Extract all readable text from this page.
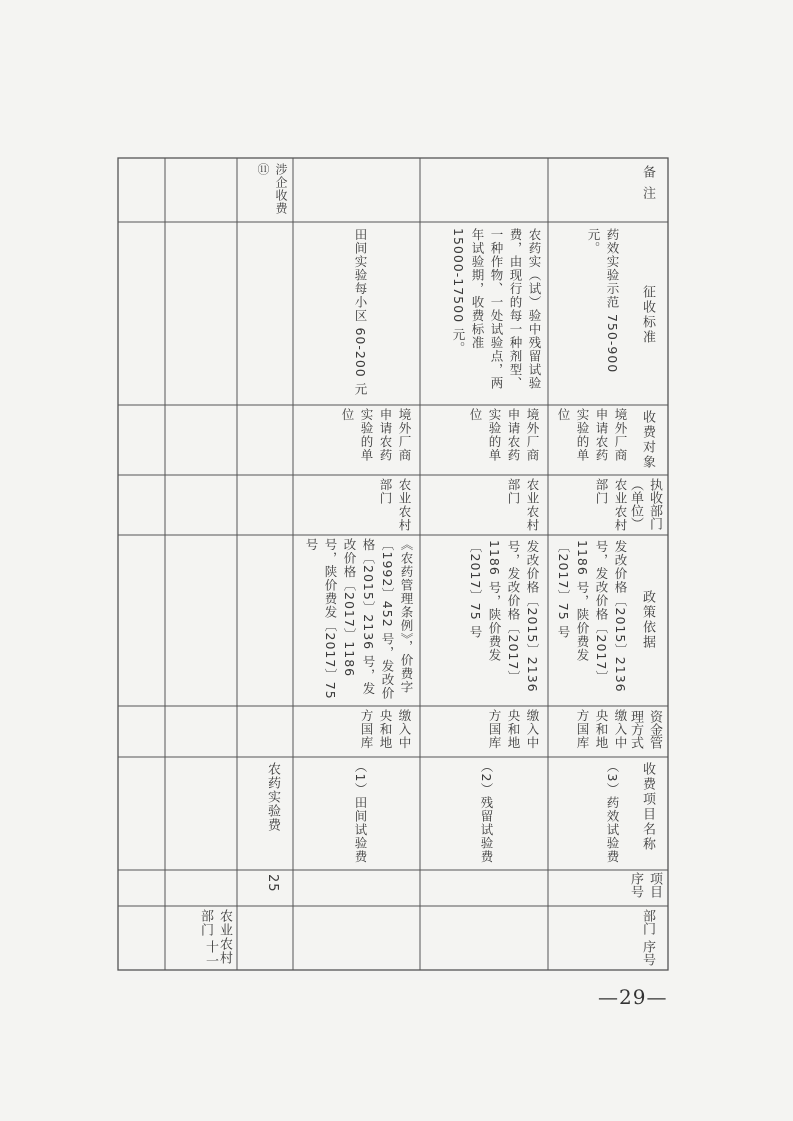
备 注
征收标准
收费对象
执收部门（单位）
政策依据
资金管理方式
收费项目名称
项目序号
部门
序号
农业农村部门
十一
涉企收费⑪
农药实验费
25
田间实验每小区 60-200 元
境外厂商申请农药实验的单位
农业农村部门
《农药管理条例》，价费字〔1992〕452 号，发改价格〔2015〕2136 号，发改价格〔2017〕1186 号，陕价费发〔2017〕75 号
缴入中央和地方国库
（1）田间试验费
农药实（试）验中残留试验费，由现行的每一种剂型、一种作物、一处试验点，两年试验期，收费标准 15000-17500 元。
境外厂商申请农药实验的单位
农业农村部门
发改价格〔2015〕2136 号，发改价格〔2017〕1186 号，陕价费发〔2017〕75 号
缴入中央和地方国库
（2）残留试验费
药效实验示范 750-900 元。
境外厂商申请农药实验的单位
农业农村部门
发改价格〔2015〕2136 号，发改价格〔2017〕1186 号，陕价费发〔2017〕75 号
缴入中央和地方国库
（3）药效试验费
—29—
